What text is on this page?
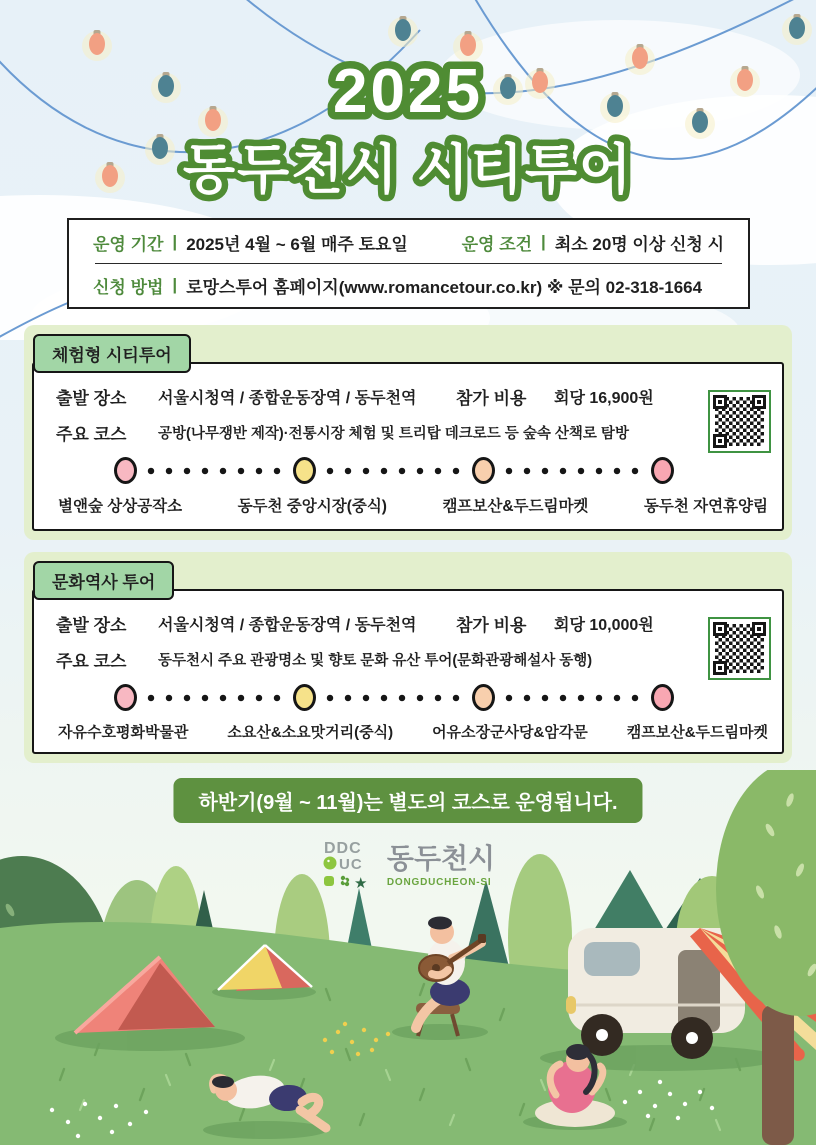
2025
동두천시 시티투어
운영 기간 | 2025년 4월 ~ 6월 매주 토요일	운영 조건 | 최소 20명 이상 신청 시
신청 방법 | 로망스투어 홈페이지(www.romancetour.co.kr) ※ 문의 02-318-1664
체험형 시티투어
출발 장소	서울시청역 / 종합운동장역 / 동두천역 참가 비용	회당 16,900원
주요 코스	공방(나무쟁반 제작)·전통시장 체험 및 트리탑 데크로드 등 숲속 산책로 탐방
별앤숲 상상공작소	동두천 중앙시장(중식)	캠프보산&두드림마켓	동두천 자연휴양림
문화역사 투어
출발 장소	서울시청역 / 종합운동장역 / 동두천역 참가 비용	회당 10,000원
주요 코스	동두천시 주요 관광명소 및 향토 문화 유산 투어(문화관광해설사 동행)
자유수호평화박물관	소요산&소요맛거리(중식)	어유소장군사당&암각문	캠프보산&두드림마켓
하반기(9월 ~ 11월)는 별도의 코스로 운영됩니다.
DDC
UC
★
동두천시
DONGDUCHEON-SI
